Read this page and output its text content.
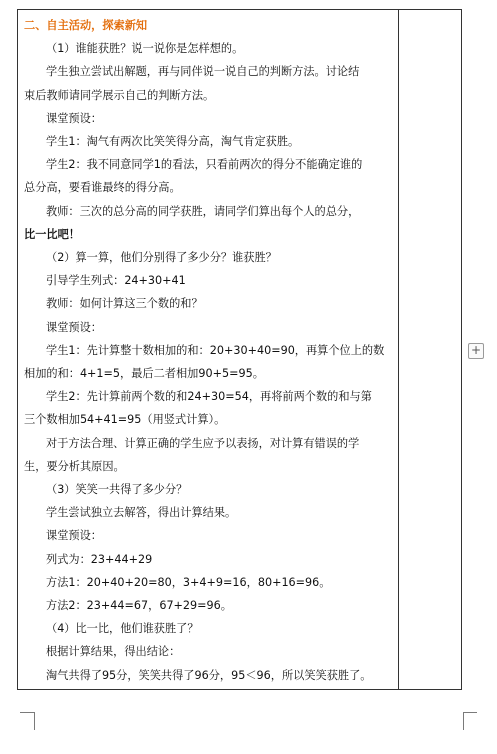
二、自主活动，探索新知

（1）谁能获胜？说一说你是怎样想的。

学生独立尝试出解题，再与同伴说一说自己的判断方法。讨论结

束后教师请同学展示自己的判断方法。

课堂预设：

学生1：淘气有两次比笑笑得分高，淘气肯定获胜。

学生2：我不同意同学1的看法，只看前两次的得分不能确定谁的

总分高，要看谁最终的得分高。

教师：三次的总分高的同学获胜，请同学们算出每个人的总分，

比一比吧！

（2）算一算，他们分别得了多少分？谁获胜？

引导学生列式：24+30+41

教师：如何计算这三个数的和？

课堂预设：

学生1：先计算整十数相加的和：20+30+40=90，再算个位上的数

相加的和：4+1=5，最后二者相加90+5=95。

学生2：先计算前两个数的和24+30=54，再将前两个数的和与第

三个数相加54+41=95（用竖式计算）。

对于方法合理、计算正确的学生应予以表扬，对计算有错误的学

生，要分析其原因。

（3）笑笑一共得了多少分？

学生尝试独立去解答，得出计算结果。

课堂预设：

列式为：23+44+29

方法1：20+40+20=80，3+4+9=16，80+16=96。

方法2：23+44=67，67+29=96。

（4）比一比，他们谁获胜了？

根据计算结果，得出结论：

淘气共得了95分，笑笑共得了96分，95＜96，所以笑笑获胜了。

+
